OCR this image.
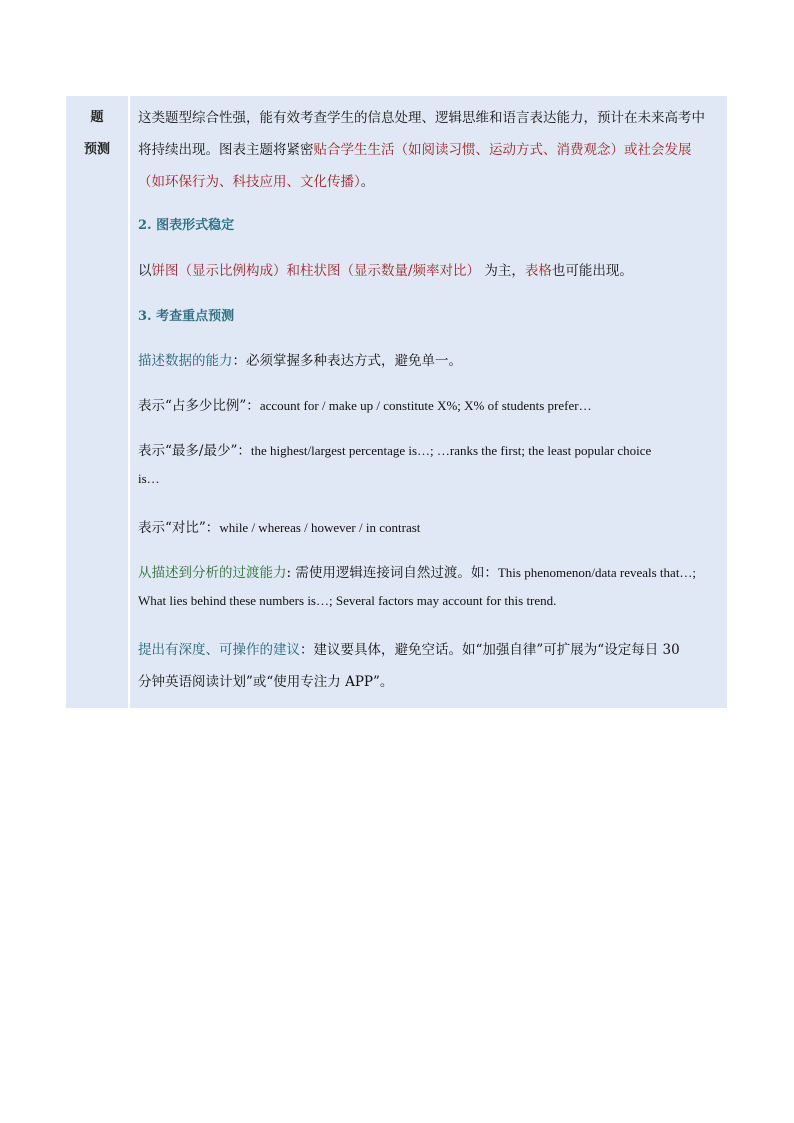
题
预测
这类题型综合性强，能有效考查学生的信息处理、逻辑思维和语言表达能力，预计在未来高考中
将持续出现。图表主题将紧密贴合学生生活（如阅读习惯、运动方式、消费观念）或社会发展
（如环保行为、科技应用、文化传播）。
2. 图表形式稳定
以饼图（显示比例构成）和柱状图（显示数量/频率对比） 为主，表格也可能出现。
3. 考查重点预测
描述数据的能力：必须掌握多种表达方式，避免单一。
表示“占多少比例”：account for / make up / constitute X%; X% of students prefer…
表示“最多/最少”：the highest/largest percentage is…; …ranks the first; the least popular choice
is…
表示“对比”：while / whereas / however / in contrast
从描述到分析的过渡能力: 需使用逻辑连接词自然过渡。如：This phenomenon/data reveals that…;
What lies behind these numbers is…; Several factors may account for this trend.
提出有深度、可操作的建议：建议要具体，避免空话。如“加强自律”可扩展为“设定每日 30
分钟英语阅读计划”或“使用专注力 APP”。
